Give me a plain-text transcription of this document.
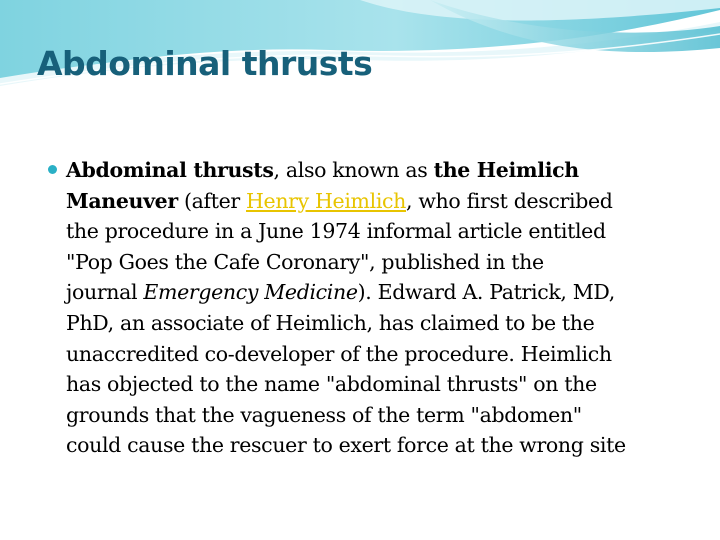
Abdominal thrusts

Abdominal thrusts, also known as the Heimlich
Maneuver (after Henry Heimlich, who first described
the procedure in a June 1974 informal article entitled
"Pop Goes the Cafe Coronary", published in the
journal Emergency Medicine). Edward A. Patrick, MD,
PhD, an associate of Heimlich, has claimed to be the
unaccredited co-developer of the procedure. Heimlich
has objected to the name "abdominal thrusts" on the
grounds that the vagueness of the term "abdomen"
could cause the rescuer to exert force at the wrong site
